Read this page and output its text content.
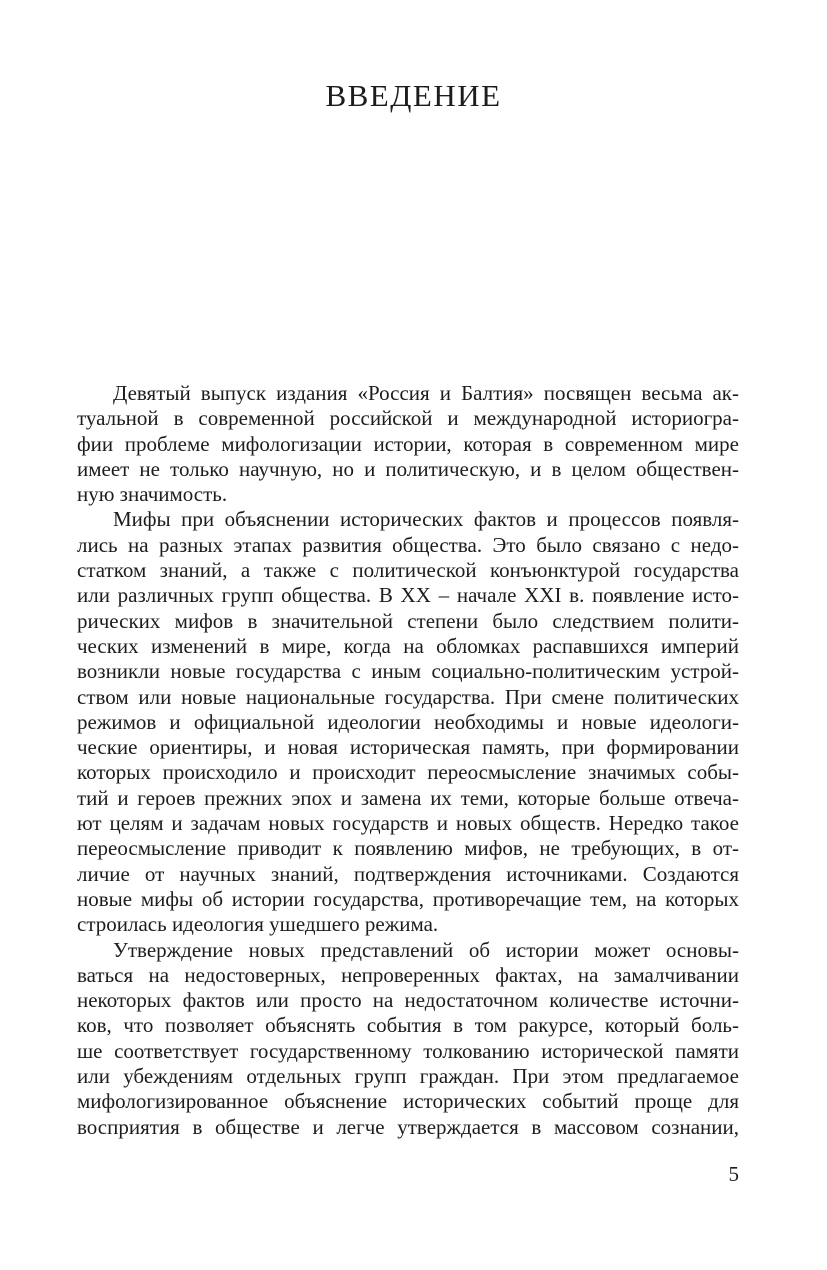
ВВЕДЕНИЕ
Девятый выпуск издания «Россия и Балтия» посвящен весьма ак-
туальной в современной российской и международной историогра-
фии проблеме мифологизации истории, которая в современном мире
имеет не только научную, но и политическую, и в целом обществен-
ную значимость.
Мифы при объяснении исторических фактов и процессов появля-
лись на разных этапах развития общества. Это было связано с недо-
статком знаний, а также с политической конъюнктурой государства
или различных групп общества. В XX – начале XXI в. появление исто-
рических мифов в значительной степени было следствием полити-
ческих изменений в мире, когда на обломках распавшихся империй
возникли новые государства с иным социально-политическим устрой-
ством или новые национальные государства. При смене политических
режимов и официальной идеологии необходимы и новые идеологи-
ческие ориентиры, и новая историческая память, при формировании
которых происходило и происходит переосмысление значимых собы-
тий и героев прежних эпох и замена их теми, которые больше отвеча-
ют целям и задачам новых государств и новых обществ. Нередко такое
переосмысление приводит к появлению мифов, не требующих, в от-
личие от научных знаний, подтверждения источниками. Создаются
новые мифы об истории государства, противоречащие тем, на которых
строилась идеология ушедшего режима.
Утверждение новых представлений об истории может основы-
ваться на недостоверных, непроверенных фактах, на замалчивании
некоторых фактов или просто на недостаточном количестве источни-
ков, что позволяет объяснять события в том ракурсе, который боль-
ше соответствует государственному толкованию исторической памяти
или убеждениям отдельных групп граждан. При этом предлагаемое
мифологизированное объяснение исторических событий проще для
восприятия в обществе и легче утверждается в массовом сознании,
5
